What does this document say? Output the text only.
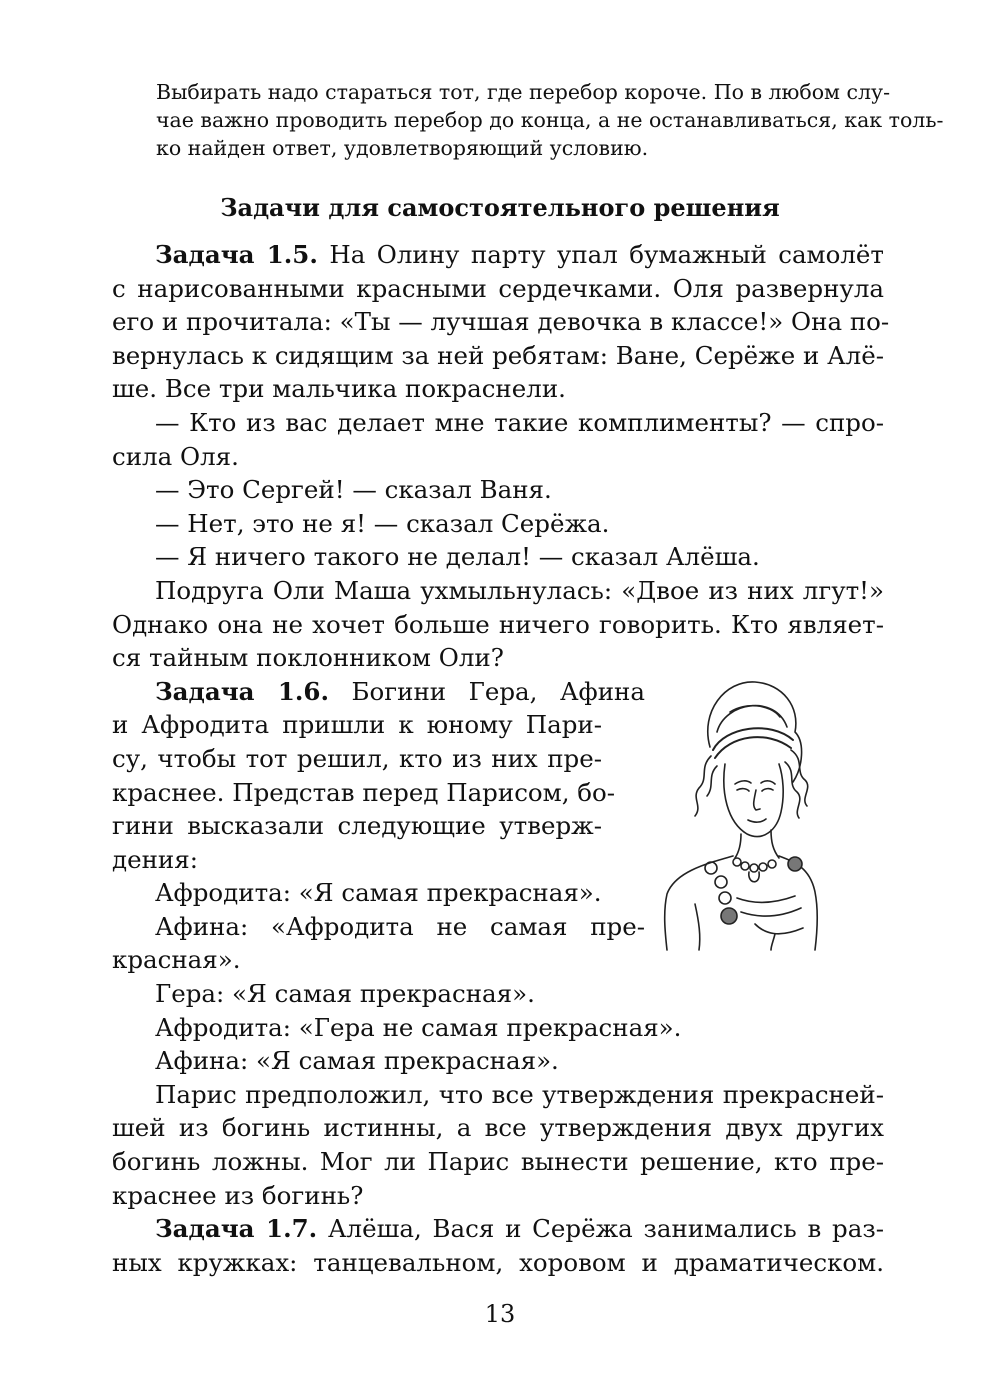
Выбирать надо стараться тот, где перебор короче. По в любом слу-
чае важно проводить перебор до конца, а не останавливаться, как толь-
ко найден ответ, удовлетворяющий условию.
Задачи для самостоятельного решения
Задача 1.5. На Олину парту упал бумажный самолёт
с нарисованными красными сердечками. Оля развернула
его и прочитала: «Ты — лучшая девочка в классе!» Она по-
вернулась к сидящим за ней ребятам: Ване, Серёже и Алё-
ше. Все три мальчика покраснели.
— Кто из вас делает мне такие комплименты? — спро-
сила Оля.
— Это Сергей! — сказал Ваня.
— Нет, это не я! — сказал Серёжа.
— Я ничего такого не делал! — сказал Алёша.
Подруга Оли Маша ухмыльнулась: «Двое из них лгут!»
Однако она не хочет больше ничего говорить. Кто являет-
ся тайным поклонником Оли?
Задача 1.6. Богини Гера, Афина
и Афродита пришли к юному Пари-
су, чтобы тот решил, кто из них пре-
краснее. Представ перед Парисом, бо-
гини высказали следующие утверж-
дения:
Афродита: «Я самая прекрасная».
Афина: «Афродита не самая пре-
красная».
Гера: «Я самая прекрасная».
Афродита: «Гера не самая прекрасная».
Афина: «Я самая прекрасная».
Парис предположил, что все утверждения прекрасней-
шей из богинь истинны, а все утверждения двух других
богинь ложны. Мог ли Парис вынести решение, кто пре-
краснее из богинь?
Задача 1.7. Алёша, Вася и Серёжа занимались в раз-
ных кружках: танцевальном, хоровом и драматическом.
13
